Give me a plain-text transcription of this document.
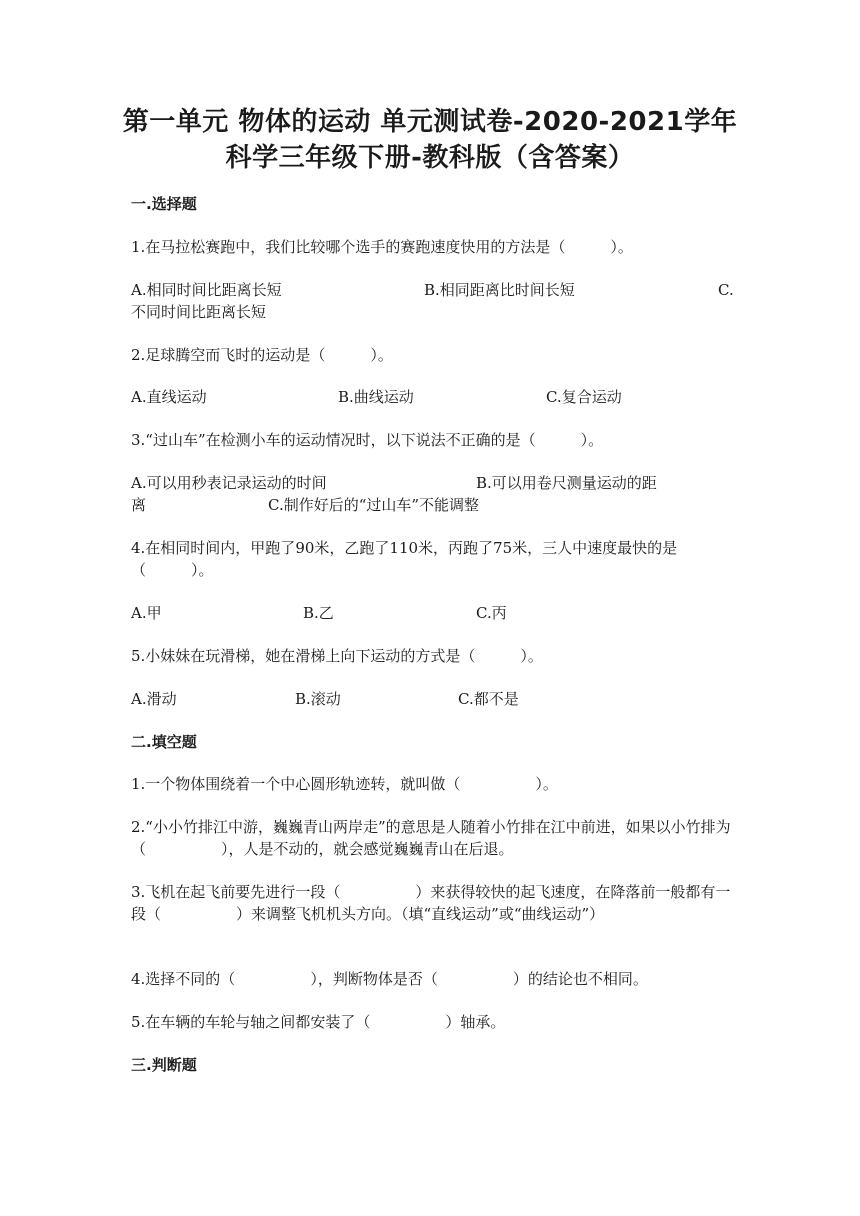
第一单元 物体的运动 单元测试卷-2020-2021学年
科学三年级下册-教科版（含答案）
一.选择题
1.在马拉松赛跑中，我们比较哪个选手的赛跑速度快用的方法是（　　　）。
A.相同时间比距离长短	B.相同距离比时间长短	C.
不同时间比距离长短
2.足球腾空而飞时的运动是（　　　）。
A.直线运动	B.曲线运动	C.复合运动
3.“过山车”在检测小车的运动情况时，以下说法不正确的是（　　　）。
A.可以用秒表记录运动的时间	B.可以用卷尺测量运动的距
离	C.制作好后的“过山车”不能调整
4.在相同时间内，甲跑了90米，乙跑了110米，丙跑了75米，三人中速度最快的是（　　　）。
A.甲	B.乙	C.丙
5.小妹妹在玩滑梯，她在滑梯上向下运动的方式是（　　　）。
A.滑动	B.滚动	C.都不是
二.填空题
1.一个物体围绕着一个中心圆形轨迹转，就叫做（　　　　　）。
2.“小小竹排江中游，巍巍青山两岸走”的意思是人随着小竹排在江中前进，如果以小竹排为（　　　　　），人是不动的，就会感觉巍巍青山在后退。
3.飞机在起飞前要先进行一段（　　　　　）来获得较快的起飞速度，在降落前一般都有一段（　　　　　）来调整飞机机头方向。（填“直线运动”或“曲线运动”）
4.选择不同的（　　　　　），判断物体是否（　　　　　）的结论也不相同。
5.在车辆的车轮与轴之间都安装了（　　　　　）轴承。
三.判断题
